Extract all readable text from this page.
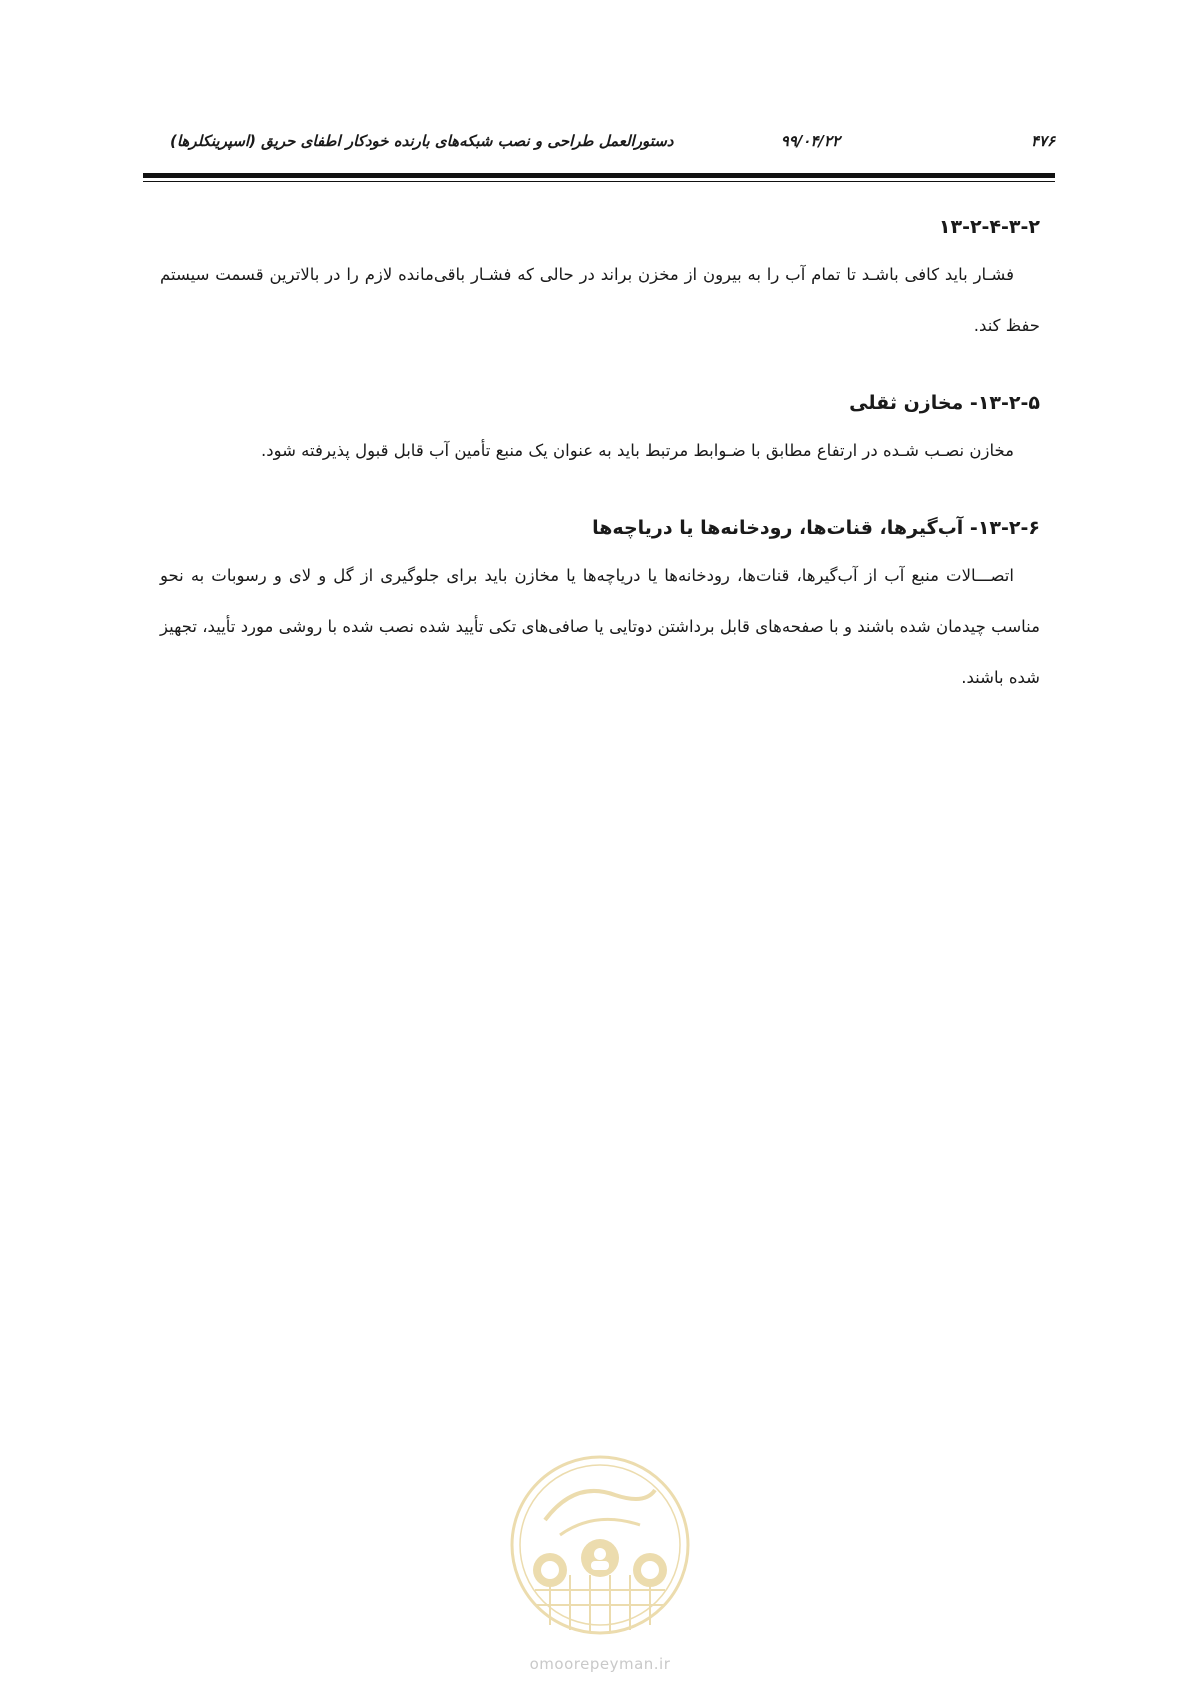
۴۷۶
۹۹/۰۴/۲۲
دستورالعمل طراحی و نصب شبکه‌های بارنده خودکار اطفای حریق (اسپرینکلرها)
۱۳-۲-۴-۳-۲

فشـار باید کافی باشـد تا تمام آب را به بیرون از مخزن براند در حالی که فشـار باقی‌مانده لازم را در بالاترین قسمت سیستم حفظ کند.

۱۳-۲-۵- مخازن ثقلی

مخازن نصـب شـده در ارتفاع مطابق با ضـوابط مرتبط باید به عنوان یک منبع تأمین آب قابل قبول پذیرفته شود.

۱۳-۲-۶- آب‌گیرها، قنات‌ها، رودخانه‌ها یا دریاچه‌ها

اتصـــالات منبع آب از آب‌گیرها، قنات‌ها، رودخانه‌ها یا دریاچه‌ها یا مخازن باید برای جلوگیری از گل و لای و رسوبات به نحو مناسب چیدمان شده باشند و با صفحه‌های قابل برداشتن دوتایی یا صافی‌های تکی تأیید شده نصب شده با روشی مورد تأیید، تجهیز شده باشند.

omoorepeyman.ir
